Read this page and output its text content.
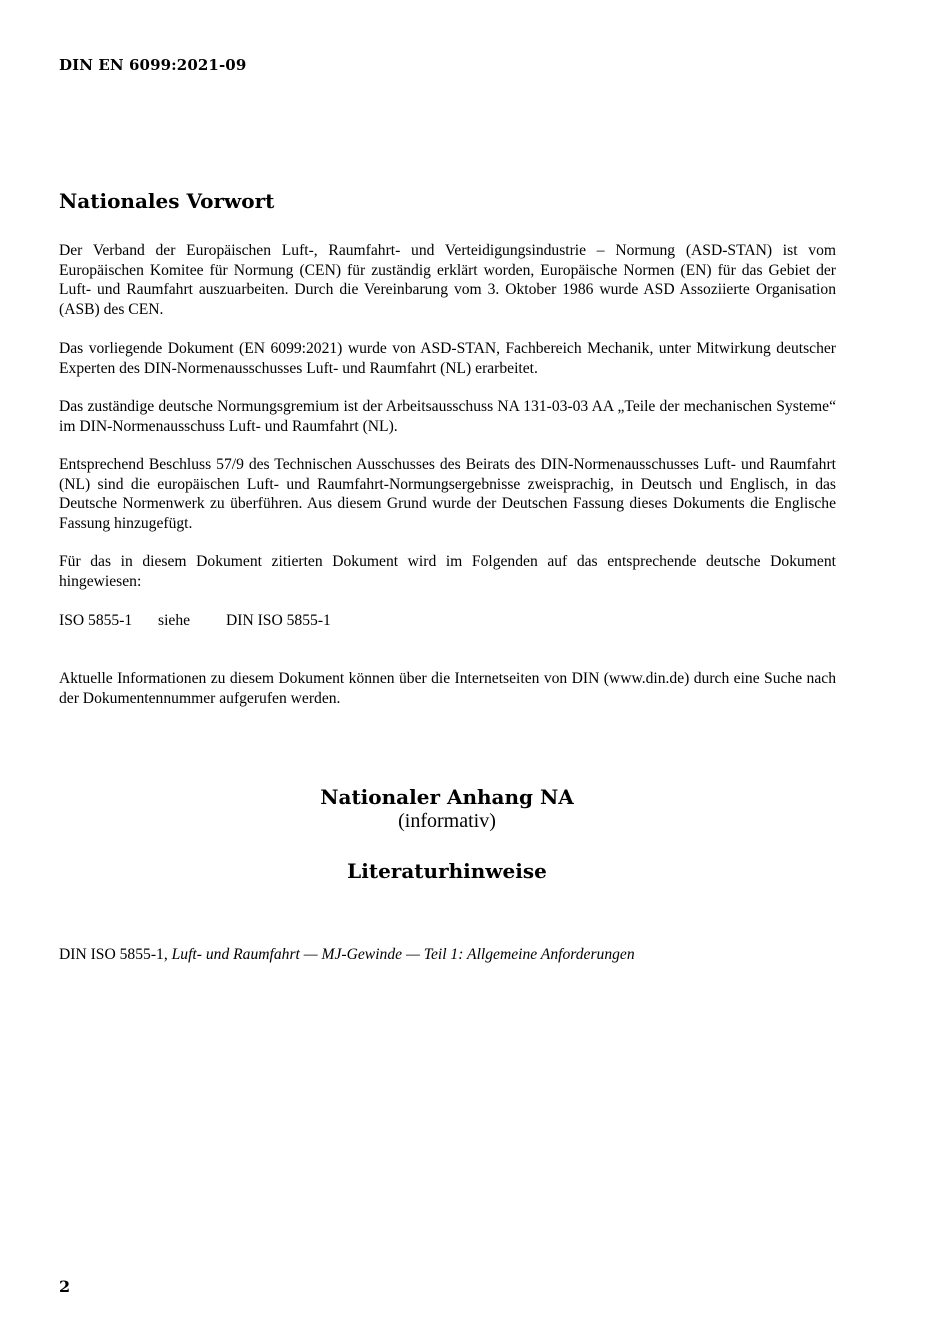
DIN EN 6099:2021-09
Nationales Vorwort

Der Verband der Europäischen Luft-, Raumfahrt- und Verteidigungsindustrie – Normung (ASD-STAN) ist vom Europäischen Komitee für Normung (CEN) für zuständig erklärt worden, Europäische Normen (EN) für das Gebiet der Luft- und Raumfahrt auszuarbeiten. Durch die Vereinbarung vom 3. Oktober 1986 wurde ASD Assoziierte Organisation (ASB) des CEN.

Das vorliegende Dokument (EN 6099:2021) wurde von ASD-STAN, Fachbereich Mechanik, unter Mitwirkung deutscher Experten des DIN-Normenausschusses Luft- und Raumfahrt (NL) erarbeitet.

Das zuständige deutsche Normungsgremium ist der Arbeitsausschuss NA 131-03-03 AA „Teile der mechanischen Systeme“ im DIN-Normenausschuss Luft- und Raumfahrt (NL).

Entsprechend Beschluss 57/9 des Technischen Ausschusses des Beirats des DIN-Normenausschusses Luft- und Raumfahrt (NL) sind die europäischen Luft- und Raumfahrt-Normungsergebnisse zweisprachig, in Deutsch und Englisch, in das Deutsche Normenwerk zu überführen. Aus diesem Grund wurde der Deutschen Fassung dieses Dokuments die Englische Fassung hinzugefügt.

Für das in diesem Dokument zitierten Dokument wird im Folgenden auf das entsprechende deutsche Dokument hingewiesen:

ISO 5855-1 siehe DIN ISO 5855-1

Aktuelle Informationen zu diesem Dokument können über die Internetseiten von DIN (www.din.de) durch eine Suche nach der Dokumentennummer aufgerufen werden.

Nationaler Anhang NA
(informativ)
Literaturhinweise
DIN ISO 5855-1, Luft- und Raumfahrt — MJ-Gewinde — Teil 1: Allgemeine Anforderungen
2
